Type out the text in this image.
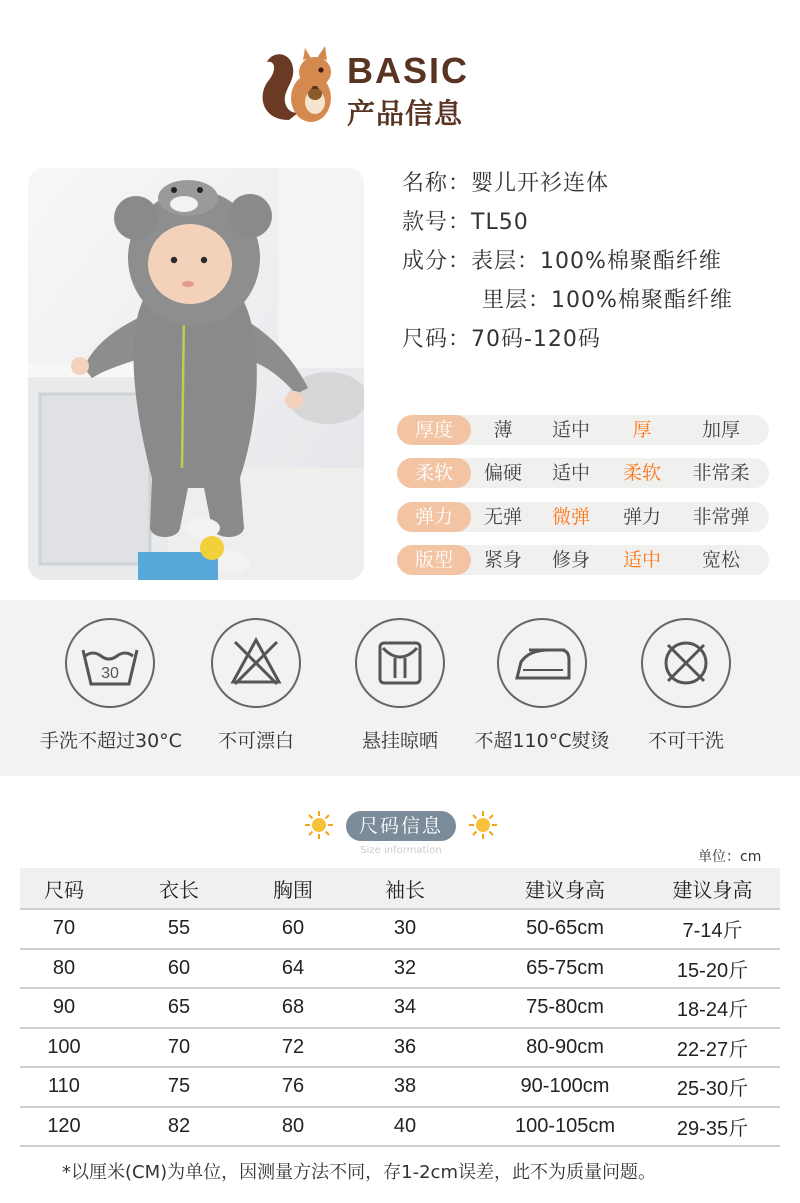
BASIC
产品信息
名称：婴儿开衫连体
款号：TL50
成分：表层：100%棉聚酯纤维
里层：100%棉聚酯纤维
尺码：70码-120码
厚度	薄	适中	厚	加厚
柔软	偏硬	适中	柔软	非常柔
弹力	无弹	微弹	弹力	非常弹
版型	紧身	修身	适中	宽松
30
手洗不超过30°C	不可漂白	悬挂晾晒	不超110°C熨烫	不可干洗
尺码信息
Size information	单位：cm
尺码	衣长	胸围	袖长	建议身高	建议身高
70	55	60	30	50-65cm	7-14斤
80	60	64	32	65-75cm	15-20斤
90	65	68	34	75-80cm	18-24斤
100	70	72	36	80-90cm	22-27斤
110	75	76	38	90-100cm	25-30斤
120	82	80	40	100-105cm	29-35斤
*以厘米(CM)为单位，因测量方法不同，存1-2cm误差，此不为质量问题。
